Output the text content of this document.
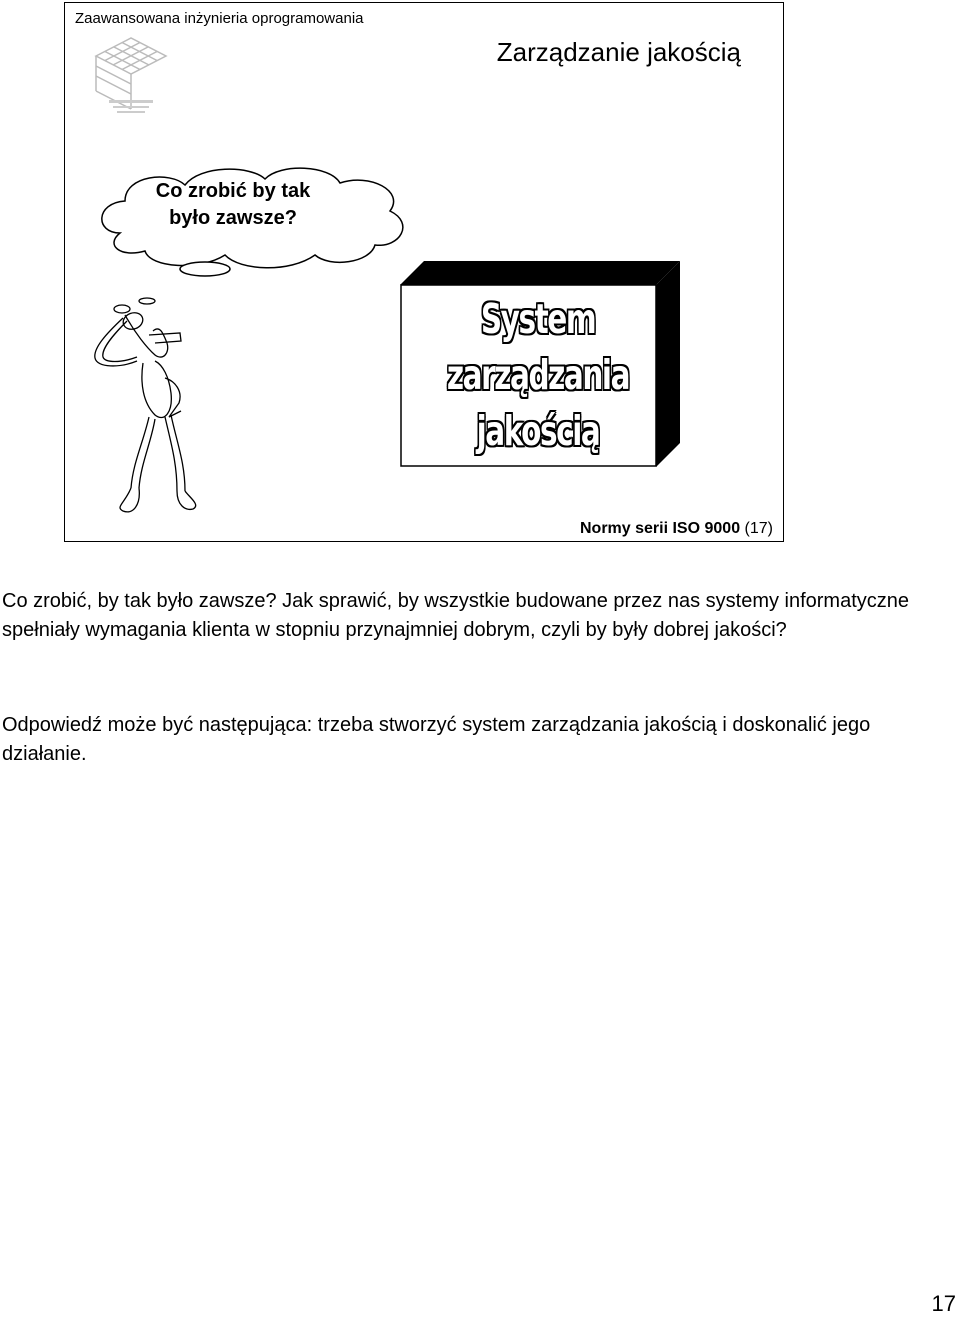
Zaawansowana inżynieria oprogramowania
Zarządzanie jakością
Co zrobić by tak
było zawsze?
System
zarządzania
jakością
Normy serii ISO 9000 (17)

Co zrobić, by tak było zawsze? Jak sprawić, by wszystkie budowane przez nas systemy informatyczne spełniały wymagania klienta w stopniu przynajmniej dobrym, czyli by były dobrej jakości?

Odpowiedź może być następująca: trzeba stworzyć system zarządzania jakością i doskonalić jego działanie.

17
